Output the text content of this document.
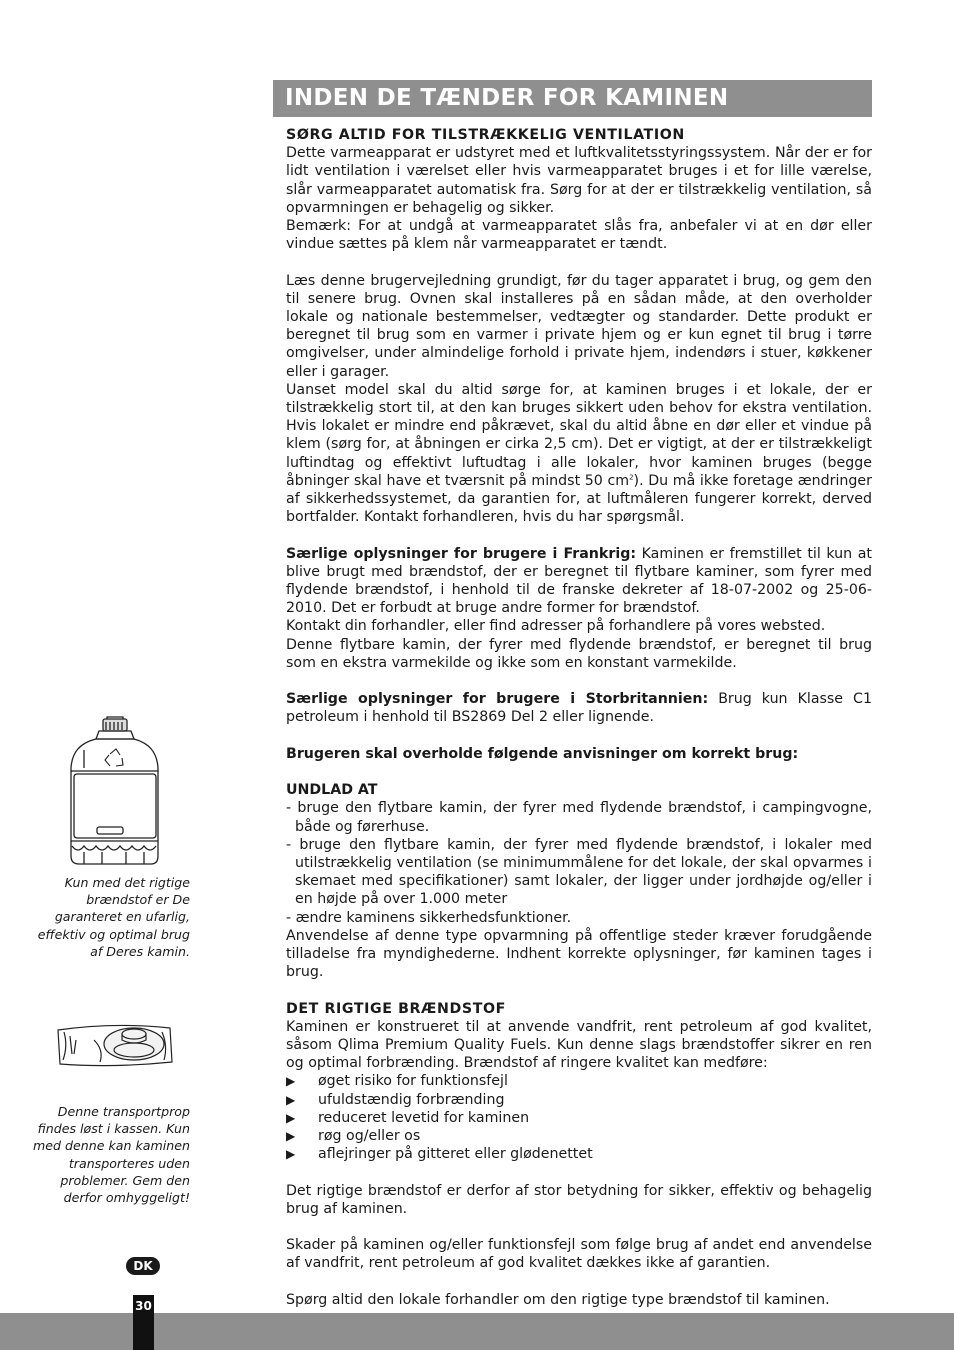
INDEN DE TÆNDER FOR KAMINEN

SØRG ALTID FOR TILSTRÆKKELIG VENTILATION

Dette varmeapparat er udstyret med et luftkvalitetsstyringssystem. Når der er for lidt ventilation i værelset eller hvis varmeapparatet bruges i et for lille værelse, slår varmeapparatet automatisk fra. Sørg for at der er tilstrækkelig ventilation, så opvarmningen er behagelig og sikker.

Bemærk: For at undgå at varmeapparatet slås fra, anbefaler vi at en dør eller vindue sættes på klem når varmeapparatet er tændt.

Læs denne brugervejledning grundigt, før du tager apparatet i brug, og gem den til senere brug. Ovnen skal installeres på en sådan måde, at den overholder lokale og nationale bestemmelser, vedtægter og standarder. Dette produkt er beregnet til brug som en varmer i private hjem og er kun egnet til brug i tørre omgivelser, under almindelige forhold i private hjem, indendørs i stuer, køkkener eller i garager.

Uanset model skal du altid sørge for, at kaminen bruges i et lokale, der er tilstrækkelig stort til, at den kan bruges sikkert uden behov for ekstra ventilation. Hvis lokalet er mindre end påkrævet, skal du altid åbne en dør eller et vindue på klem (sørg for, at åbningen er cirka 2,5 cm). Det er vigtigt, at der er tilstrækkeligt luftindtag og effektivt luftudtag i alle lokaler, hvor kaminen bruges (begge åbninger skal have et tværsnit på mindst 50 $cm^2$). Du må ikke foretage ændringer af sikkerhedssystemet, da garantien for, at luftmåleren fungerer korrekt, derved bortfalder. Kontakt forhandleren, hvis du har spørgsmål.

Særlige oplysninger for brugere i Frankrig: Kaminen er fremstillet til kun at blive brugt med brændstof, der er beregnet til flytbare kaminer, som fyrer med flydende brændstof, i henhold til de franske dekreter af 18-07-2002 og 25-06-2010. Det er forbudt at bruge andre former for brændstof.

Kontakt din forhandler, eller find adresser på forhandlere på vores websted.

Denne flytbare kamin, der fyrer med flydende brændstof, er beregnet til brug som en ekstra varmekilde og ikke som en konstant varmekilde.

Særlige oplysninger for brugere i Storbritannien: Brug kun Klasse C1 petroleum i henhold til BS2869 Del 2 eller lignende.

Brugeren skal overholde følgende anvisninger om korrekt brug:

UNDLAD AT

- bruge den flytbare kamin, der fyrer med flydende brændstof, i campingvogne, både og førerhuse.

- bruge den flytbare kamin, der fyrer med flydende brændstof, i lokaler med utilstrækkelig ventilation (se minimummålene for det lokale, der skal opvarmes i skemaet med specifikationer) samt lokaler, der ligger under jordhøjde og/eller i en højde på over 1.000 meter

- ændre kaminens sikkerhedsfunktioner.

Anvendelse af denne type opvarmning på offentlige steder kræver forudgående tilladelse fra myndighederne. Indhent korrekte oplysninger, før kaminen tages i brug.

DET RIGTIGE BRÆNDSTOF

Kaminen er konstrueret til at anvende vandfrit, rent petroleum af god kvalitet, såsom Qlima Premium Quality Fuels. Kun denne slags brændstoffer sikrer en ren og optimal forbrænding. Brændstof af ringere kvalitet kan medføre:

▶	øget risiko for funktionsfejl
▶	ufuldstændig forbrænding
▶	reduceret levetid for kaminen
▶	røg og/eller os
▶	aflejringer på gitteret eller glødenettet

Det rigtige brændstof er derfor af stor betydning for sikker, effektiv og behagelig brug af kaminen.

Skader på kaminen og/eller funktionsfejl som følge brug af andet end anvendelse af vandfrit, rent petroleum af god kvalitet dækkes ikke af garantien.

Spørg altid den lokale forhandler om den rigtige type brændstof til kaminen.

Kun med det rigtige brændstof er De garanteret en ufarlig, effektiv og optimal brug af Deres kamin.
Denne transportprop findes løst i kassen. Kun med denne kan kaminen transporteres uden problemer. Gem den derfor omhyggeligt!
DK
30
